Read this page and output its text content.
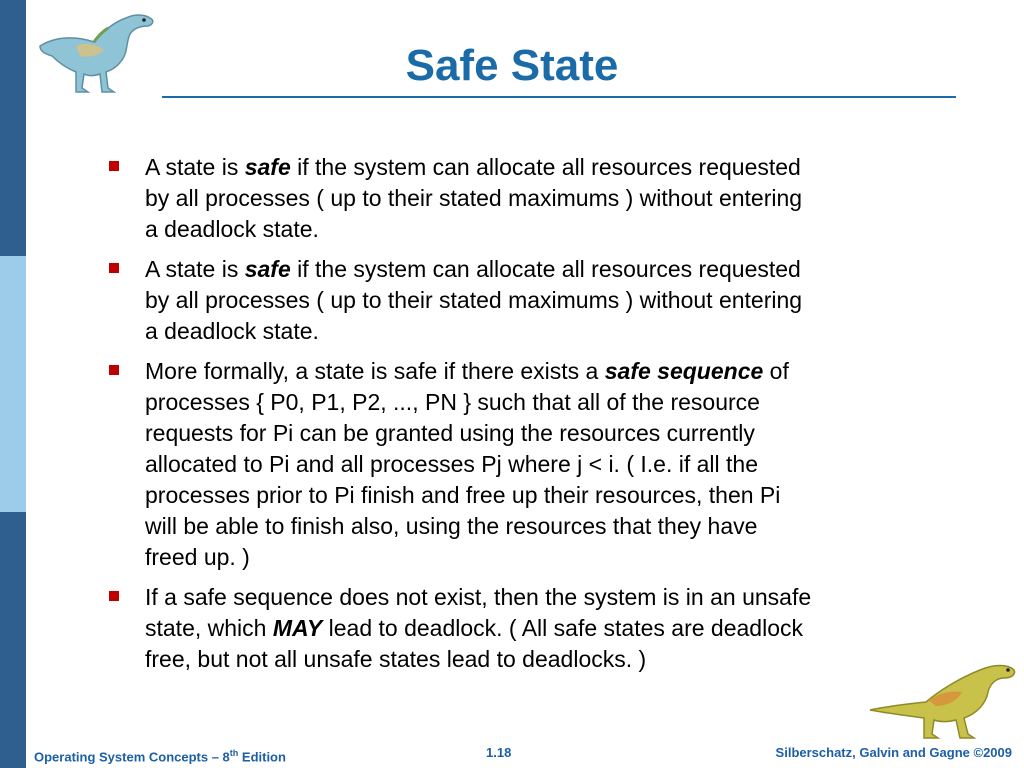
Safe State
A state is safe if the system can allocate all resources requested
by all processes ( up to their stated maximums ) without entering
a deadlock state.
A state is safe if the system can allocate all resources requested
by all processes ( up to their stated maximums ) without entering
a deadlock state.
More formally, a state is safe if there exists a safe sequence of
processes { P0, P1, P2, ..., PN } such that all of the resource
requests for Pi can be granted using the resources currently
allocated to Pi and all processes Pj where j < i. ( I.e. if all the
processes prior to Pi finish and free up their resources, then Pi
will be able to finish also, using the resources that they have
freed up. )
If a safe sequence does not exist, then the system is in an unsafe
state, which MAY lead to deadlock. ( All safe states are deadlock
free, but not all unsafe states lead to deadlocks. )
Operating System Concepts – 8th Edition	1.18	Silberschatz, Galvin and Gagne ©2009
